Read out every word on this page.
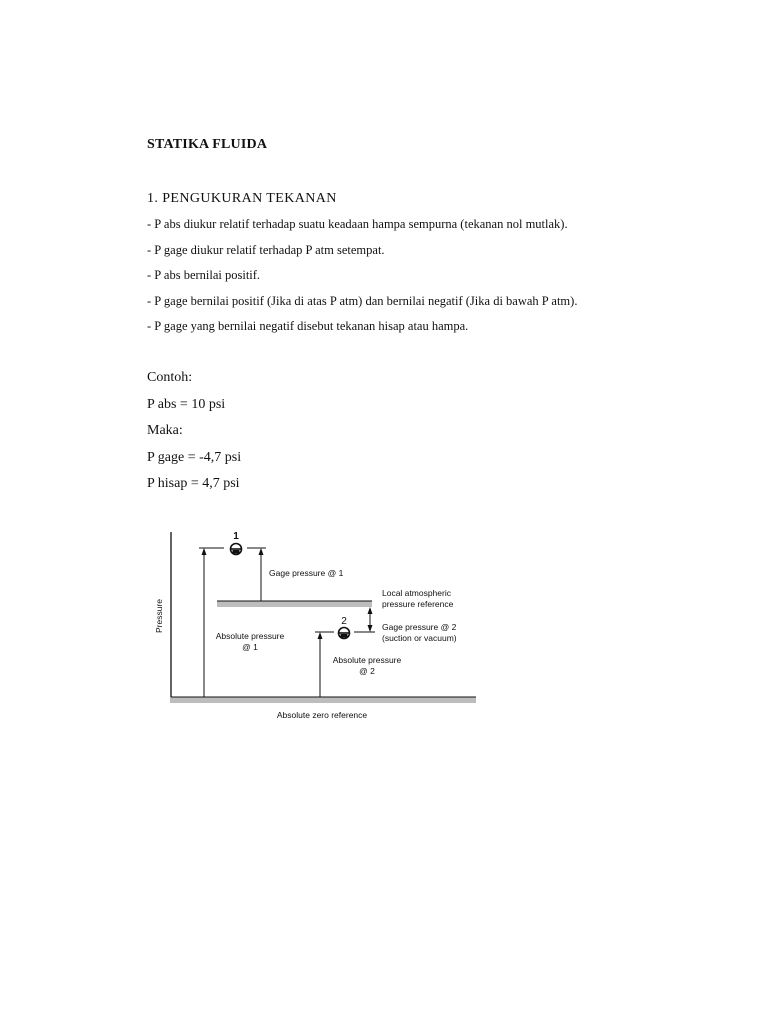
STATIKA FLUIDA
1. PENGUKURAN TEKANAN
- P abs diukur relatif terhadap suatu keadaan hampa sempurna (tekanan nol mutlak).
- P gage diukur relatif terhadap P atm setempat.
- P abs bernilai positif.
- P gage bernilai positif (Jika di atas P atm) dan bernilai negatif (Jika di bawah P atm).
- P gage yang bernilai negatif disebut tekanan hisap atau hampa.
Contoh:
P abs = 10 psi
Maka:
P gage = -4,7 psi
P hisap = 4,7 psi
1
Gage pressure @ 1
2
Local atmospheric
pressure reference
Gage pressure @ 2
(suction or vacuum)
Absolute pressure
@ 1
Absolute pressure
@ 2
Absolute zero reference
Pressure
